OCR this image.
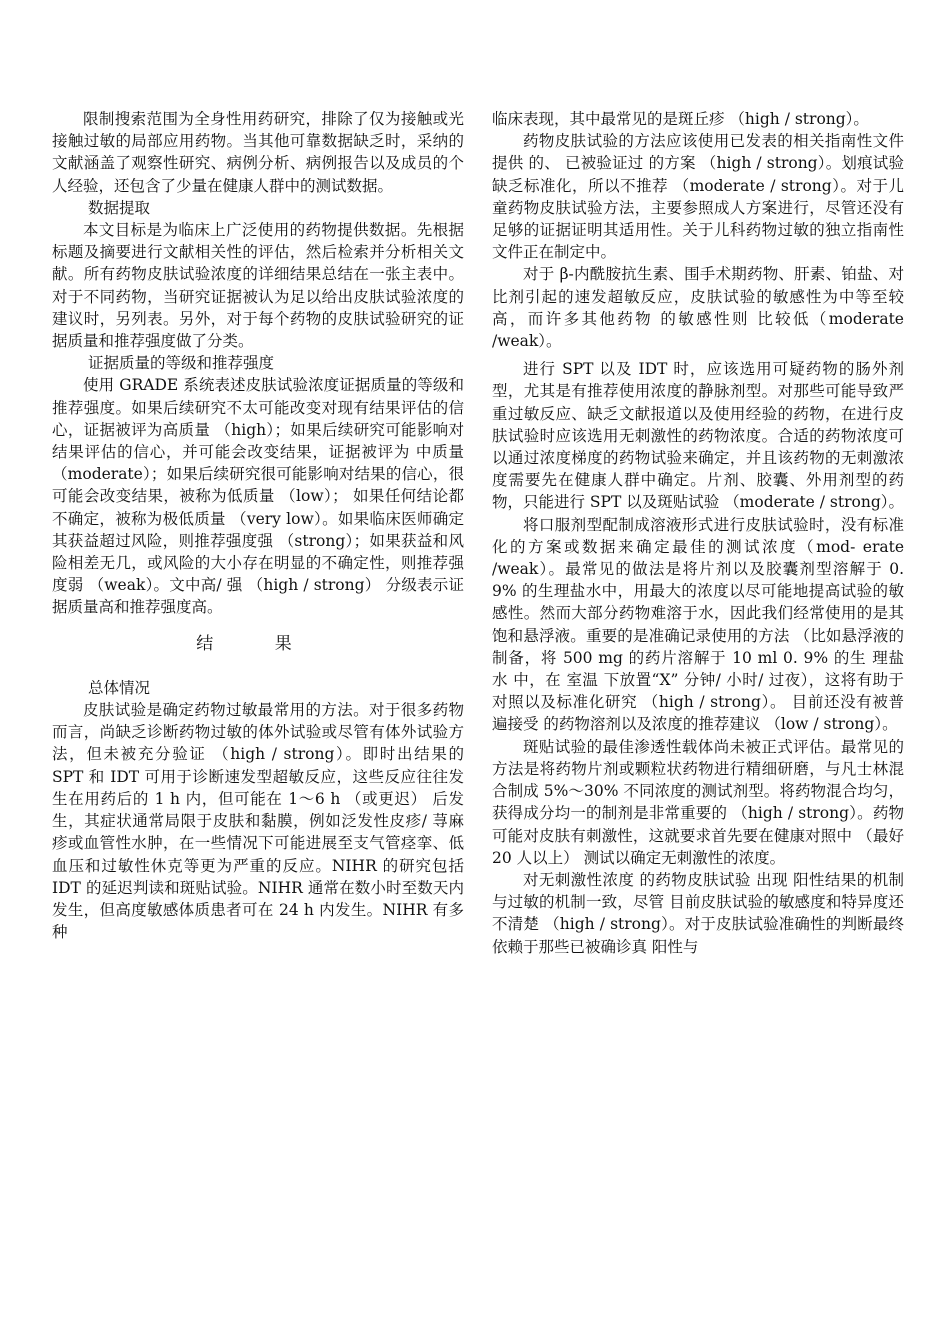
限制搜索范围为全身性用药研究，排除了仅为接触或光接触过敏的局部应用药物。当其他可靠数据缺乏时，采纳的文献涵盖了观察性研究、病例分析、病例报告以及成员的个人经验，还包含了少量在健康人群中的测试数据。

数据提取

本文目标是为临床上广泛使用的药物提供数据。先根据标题及摘要进行文献相关性的评估，然后检索并分析相关文献。所有药物皮肤试验浓度的详细结果总结在一张主表中。对于不同药物，当研究证据被认为足以给出皮肤试验浓度的建议时，另列表。另外，对于每个药物的皮肤试验研究的证据质量和推荐强度做了分类。

证据质量的等级和推荐强度

使用 GRADE 系统表述皮肤试验浓度证据质量的等级和推荐强度。如果后续研究不太可能改变对现有结果评估的信心，证据被评为高质量 （high）；如果后续研究可能影响对结果评估的信心，并可能会改变结果，证据被评为 中质量 （moderate）；如果后续研究很可能影响对结果的信心，很可能会改变结果，被称为低质量 （low）； 如果任何结论都不确定，被称为极低质量 （very low）。如果临床医师确定其获益超过风险，则推荐强度强 （strong）；如果获益和风险相差无几，或风险的大小存在明显的不确定性，则推荐强度弱 （weak）。文中高/ 强 （high / strong） 分级表示证据质量高和推荐强度高。

结 果
总体情况

皮肤试验是确定药物过敏最常用的方法。对于很多药物而言，尚缺乏诊断药物过敏的体外试验或尽管有体外试验方法，但未被充分验证 （high / strong）。即时出结果的 SPT 和 IDT 可用于诊断速发型超敏反应，这些反应往往发生在用药后的 1 h 内，但可能在 1～6 h （或更迟） 后发生，其症状通常局限于皮肤和黏膜，例如泛发性皮疹/ 荨麻疹或血管性水肿，在一些情况下可能进展至支气管痉挛、低血压和过敏性休克等更为严重的反应。NIHR 的研究包括 IDT 的延迟判读和斑贴试验。NIHR 通常在数小时至数天内发生，但高度敏感体质患者可在 24 h 内发生。NIHR 有多种

临床表现，其中最常见的是斑丘疹 （high / strong）。

药物皮肤试验的方法应该使用已发表的相关指南性文件提供 的、 已被验证过 的方案 （high / strong）。划痕试验缺乏标准化，所以不推荐 （moderate / strong）。对于儿童药物皮肤试验方法，主要参照成人方案进行，尽管还没有足够的证据证明其适用性。关于儿科药物过敏的独立指南性文件正在制定中。

对于 β-内酰胺抗生素、围手术期药物、肝素、铂盐、对比剂引起的速发超敏反应，皮肤试验的敏感性为中等至较高，而许多其他药物 的敏感性则 比较低（moderate /weak）。

进行 SPT 以及 IDT 时，应该选用可疑药物的肠外剂型，尤其是有推荐使用浓度的静脉剂型。对那些可能导致严重过敏反应、缺乏文献报道以及使用经验的药物，在进行皮肤试验时应该选用无刺激性的药物浓度。合适的药物浓度可以通过浓度梯度的药物试验来确定，并且该药物的无刺激浓度需要先在健康人群中确定。片剂、胶囊、外用剂型的药物，只能进行 SPT 以及斑贴试验 （moderate / strong）。

将口服剂型配制成溶液形式进行皮肤试验时，没有标准化的方案或数据来确定最佳的测试浓度（mod- erate /weak）。最常见的做法是将片剂以及胶囊剂型溶解于 0. 9% 的生理盐水中，用最大的浓度以尽可能地提高试验的敏感性。然而大部分药物难溶于水，因此我们经常使用的是其饱和悬浮液。重要的是准确记录使用的方法 （比如悬浮液的制备，将 500 mg 的药片溶解于 10 ml 0. 9% 的生 理盐 水 中，在 室温 下放置“X” 分钟/ 小时/ 过夜），这将有助于对照以及标准化研究 （high / strong）。 目前还没有被普遍接受 的药物溶剂以及浓度的推荐建议 （low / strong）。

斑贴试验的最佳渗透性载体尚未被正式评估。最常见的方法是将药物片剂或颗粒状药物进行精细研磨，与凡士林混合制成 5%～30% 不同浓度的测试剂型。将药物混合均匀，获得成分均一的制剂是非常重要的 （high / strong）。药物可能对皮肤有刺激性，这就要求首先要在健康对照中 （最好 20 人以上） 测试以确定无刺激性的浓度。

对无刺激性浓度 的药物皮肤试验 出现 阳性结果的机制与过敏的机制一致，尽管 目前皮肤试验的敏感度和特异度还不清楚 （high / strong）。对于皮肤试验准确性的判断最终依赖于那些已被确诊真 阳性与
